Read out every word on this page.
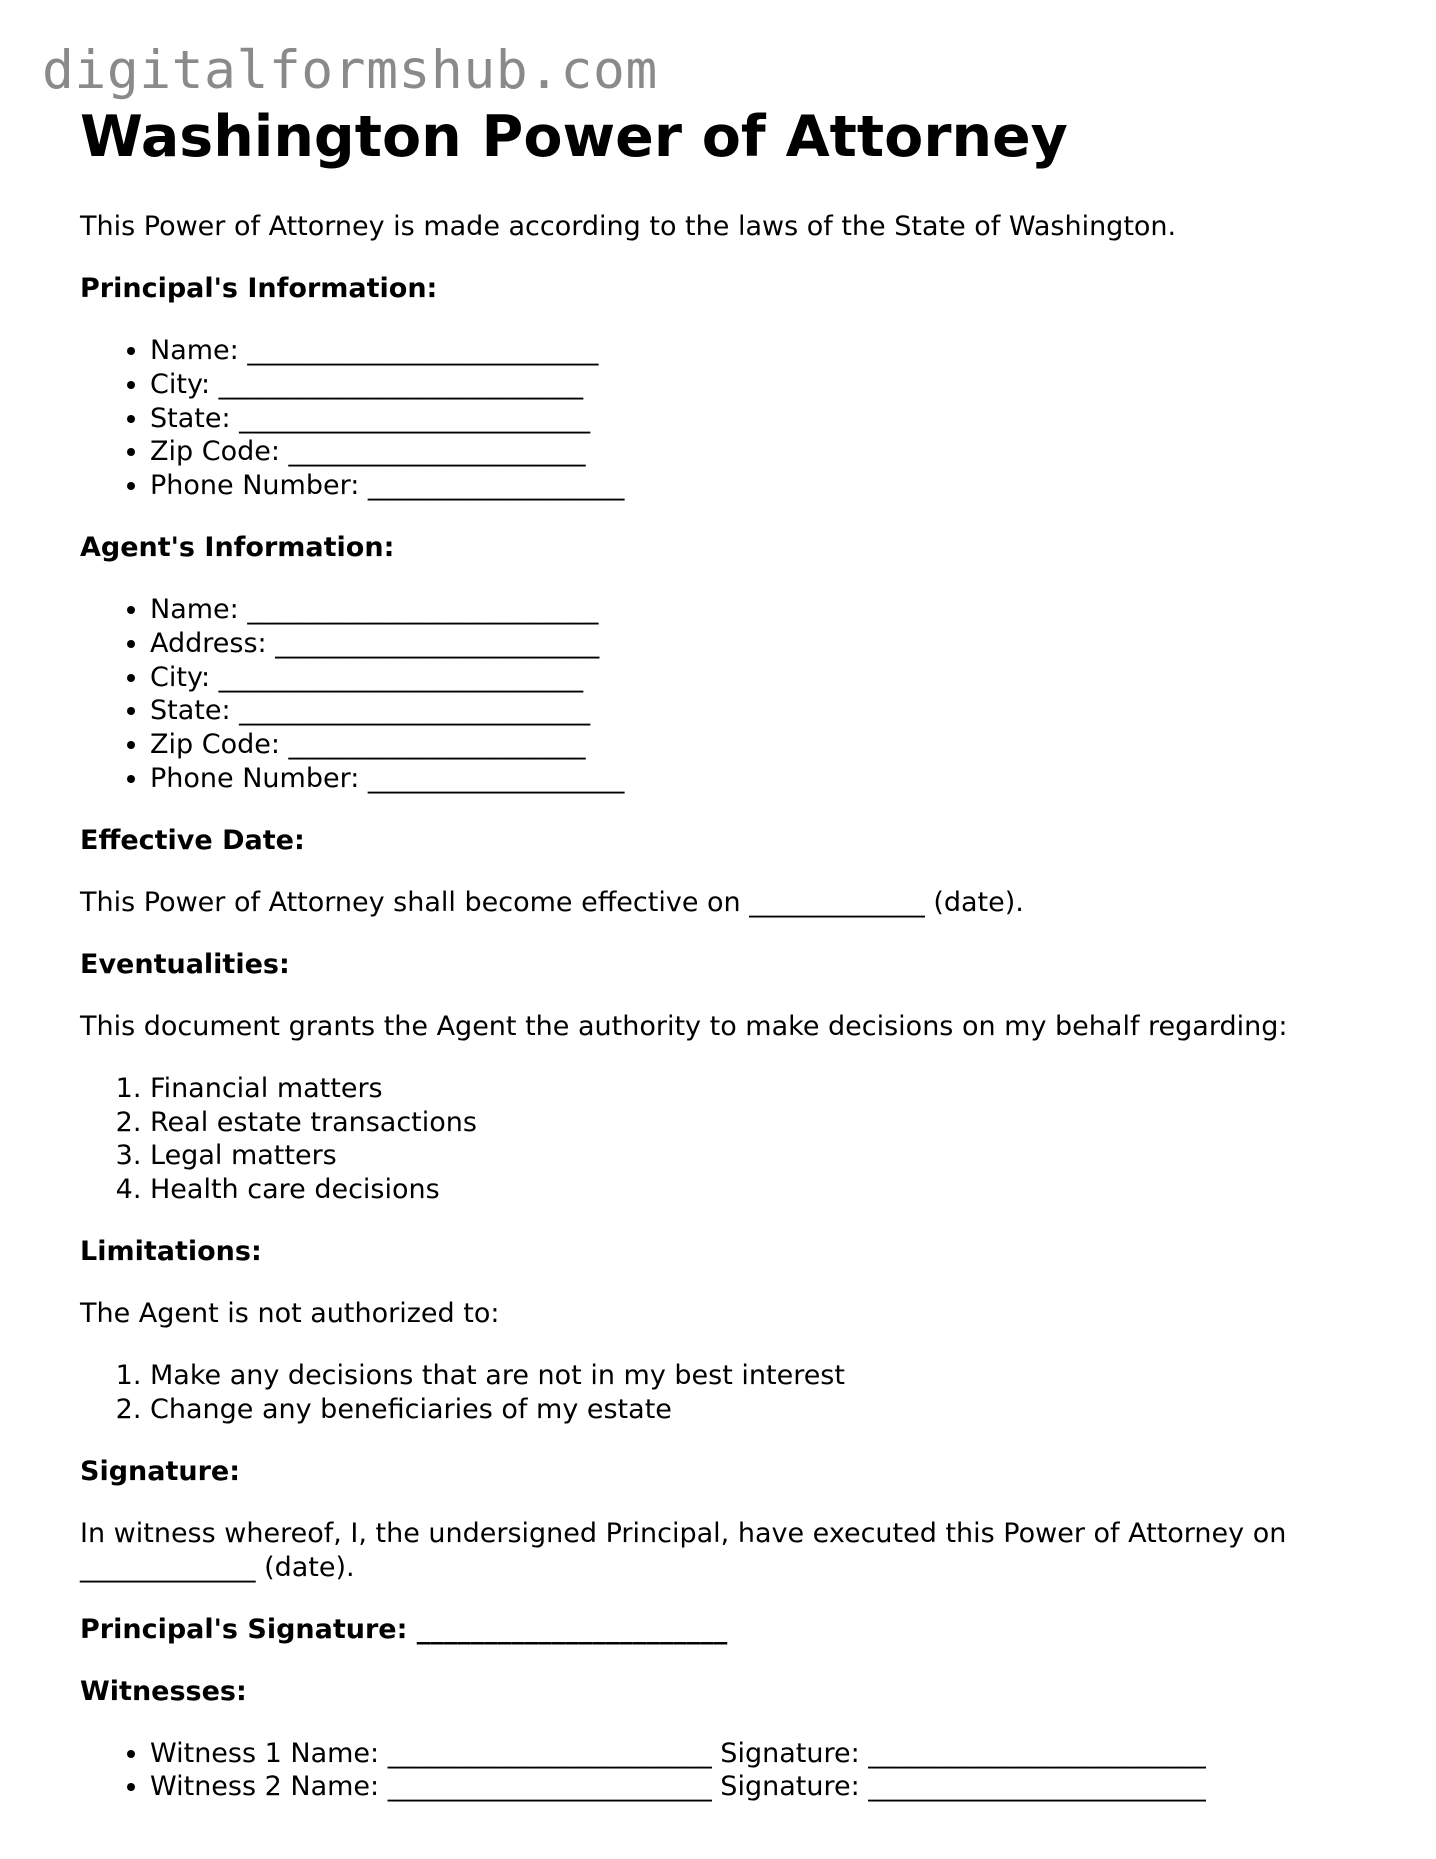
digitalformshub.com
Washington Power of Attorney

This Power of Attorney is made according to the laws of the State of Washington.

Principal's Information:
• Name: __________________________
• City: ___________________________
• State: __________________________
• Zip Code: ______________________
• Phone Number: ___________________
Agent's Information:
• Name: __________________________
• Address: ________________________
• City: ___________________________
• State: __________________________
• Zip Code: ______________________
• Phone Number: ___________________
Effective Date:

This Power of Attorney shall become effective on _____________ (date).

Eventualities:

This document grants the Agent the authority to make decisions on my behalf regarding:

1. Financial matters
2. Real estate transactions
3. Legal matters
4. Health care decisions
Limitations:

The Agent is not authorized to:

1. Make any decisions that are not in my best interest
2. Change any beneficiaries of my estate
Signature:

In witness whereof, I, the undersigned Principal, have executed this Power of Attorney on _____________ (date).

Principal's Signature: _______________________
Witnesses:
• Witness 1 Name: ________________________ Signature: _________________________
• Witness 2 Name: ________________________ Signature: _________________________
